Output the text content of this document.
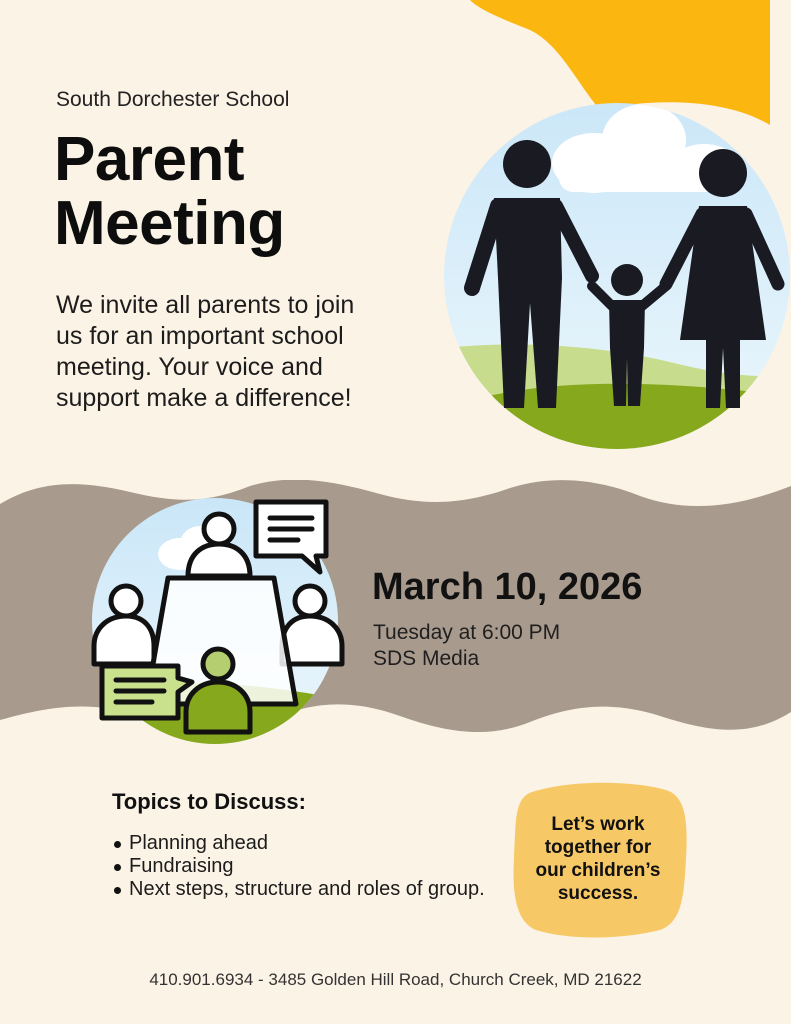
South Dorchester School
Parent
Meeting
We invite all parents to join
us for an important school
meeting. Your voice and
support make a difference!
March 10, 2026
Tuesday at 6:00 PM
SDS Media
Topics to Discuss:
Planning ahead
Fundraising
Next steps, structure and roles of group.
Let’s work
together for
our children’s
success.
410.901.6934 - 3485 Golden Hill Road, Church Creek, MD 21622
